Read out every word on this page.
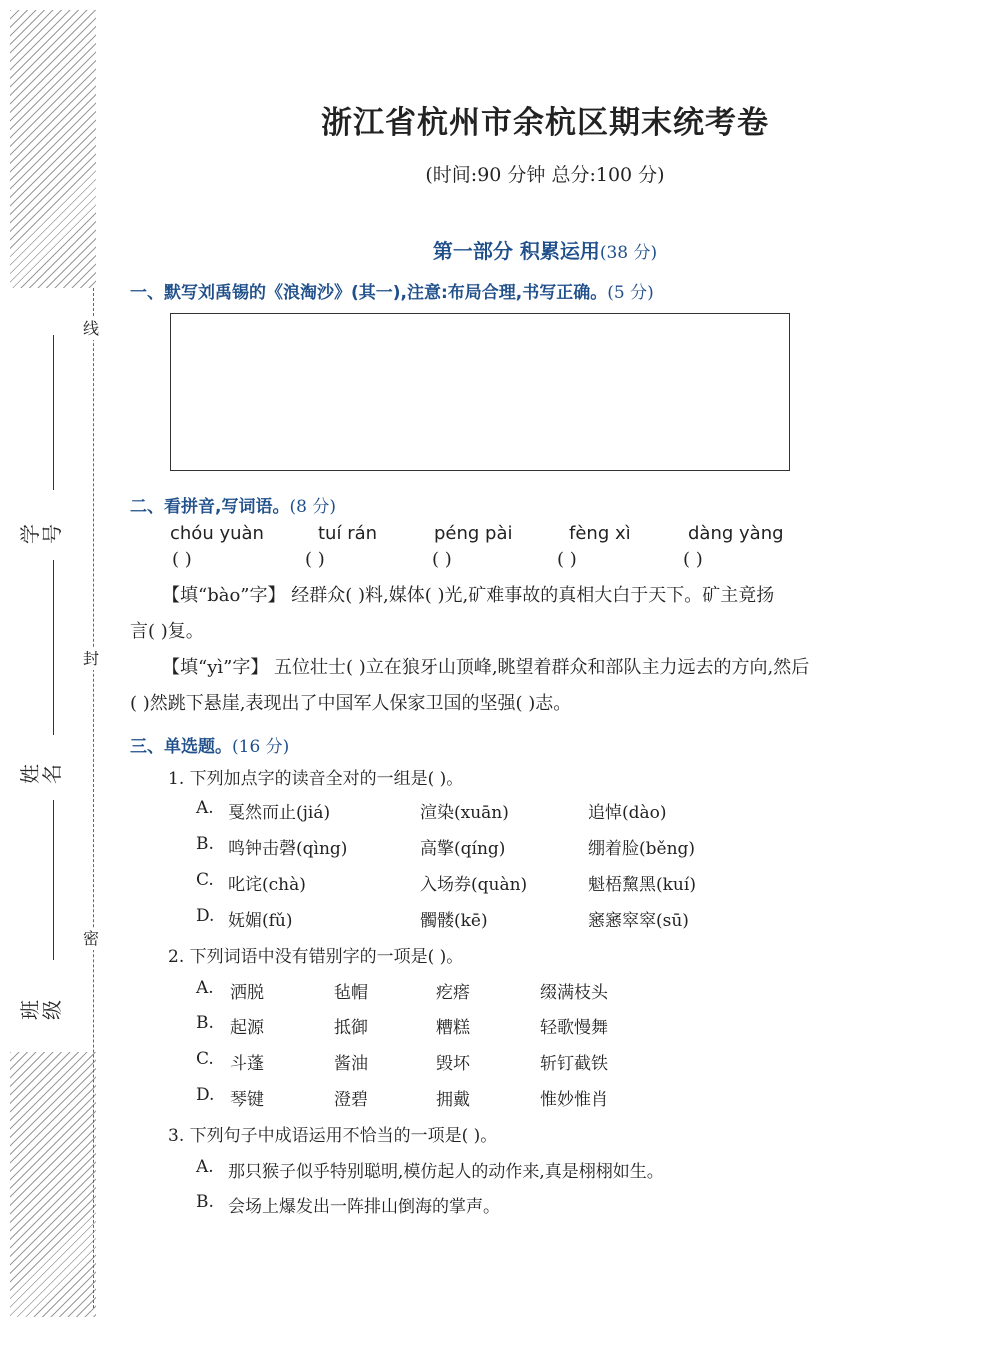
线
封
密
学号
姓名
班级
浙江省杭州市余杭区期末统考卷
(时间:90 分钟 总分:100 分)
第一部分 积累运用(38 分)
一、默写刘禹锡的《浪淘沙》(其一),注意:布局合理,书写正确。(5 分)
二、看拼音,写词语。(8 分)
chóu yuàn	tuí rán	péng pài	fèng xì	dàng yàng
( )	( )	( )	( )	( )
【填“bào”字】 经群众( )料,媒体( )光,矿难事故的真相大白于天下。矿主竟扬
言( )复。
【填“yì”字】 五位壮士( )立在狼牙山顶峰,眺望着群众和部队主力远去的方向,然后
( )然跳下悬崖,表现出了中国军人保家卫国的坚强( )志。
三、单选题。(16 分)
1. 下列加点字的读音全对的一组是( )。
A. 戛然而止(jiá)	渲染(xuān)	追悼(dào)
B. 鸣钟击磬(qìng)	高擎(qíng)	绷着脸(běng)
C. 叱诧(chà)	入场券(quàn)	魁梧黧黑(kuí)
D. 妩媚(fǔ)	髑髅(kē)	窸窸窣窣(sū)
2. 下列词语中没有错别字的一项是( )。
A. 洒脱	毡帽	疙瘩	缀满枝头
B. 起源	抵御	糟糕	轻歌慢舞
C. 斗蓬	酱油	毁坏	斩钉截铁
D. 琴键	澄碧	拥戴	惟妙惟肖
3. 下列句子中成语运用不恰当的一项是( )。
A. 那只猴子似乎特别聪明,模仿起人的动作来,真是栩栩如生。
B. 会场上爆发出一阵排山倒海的掌声。
